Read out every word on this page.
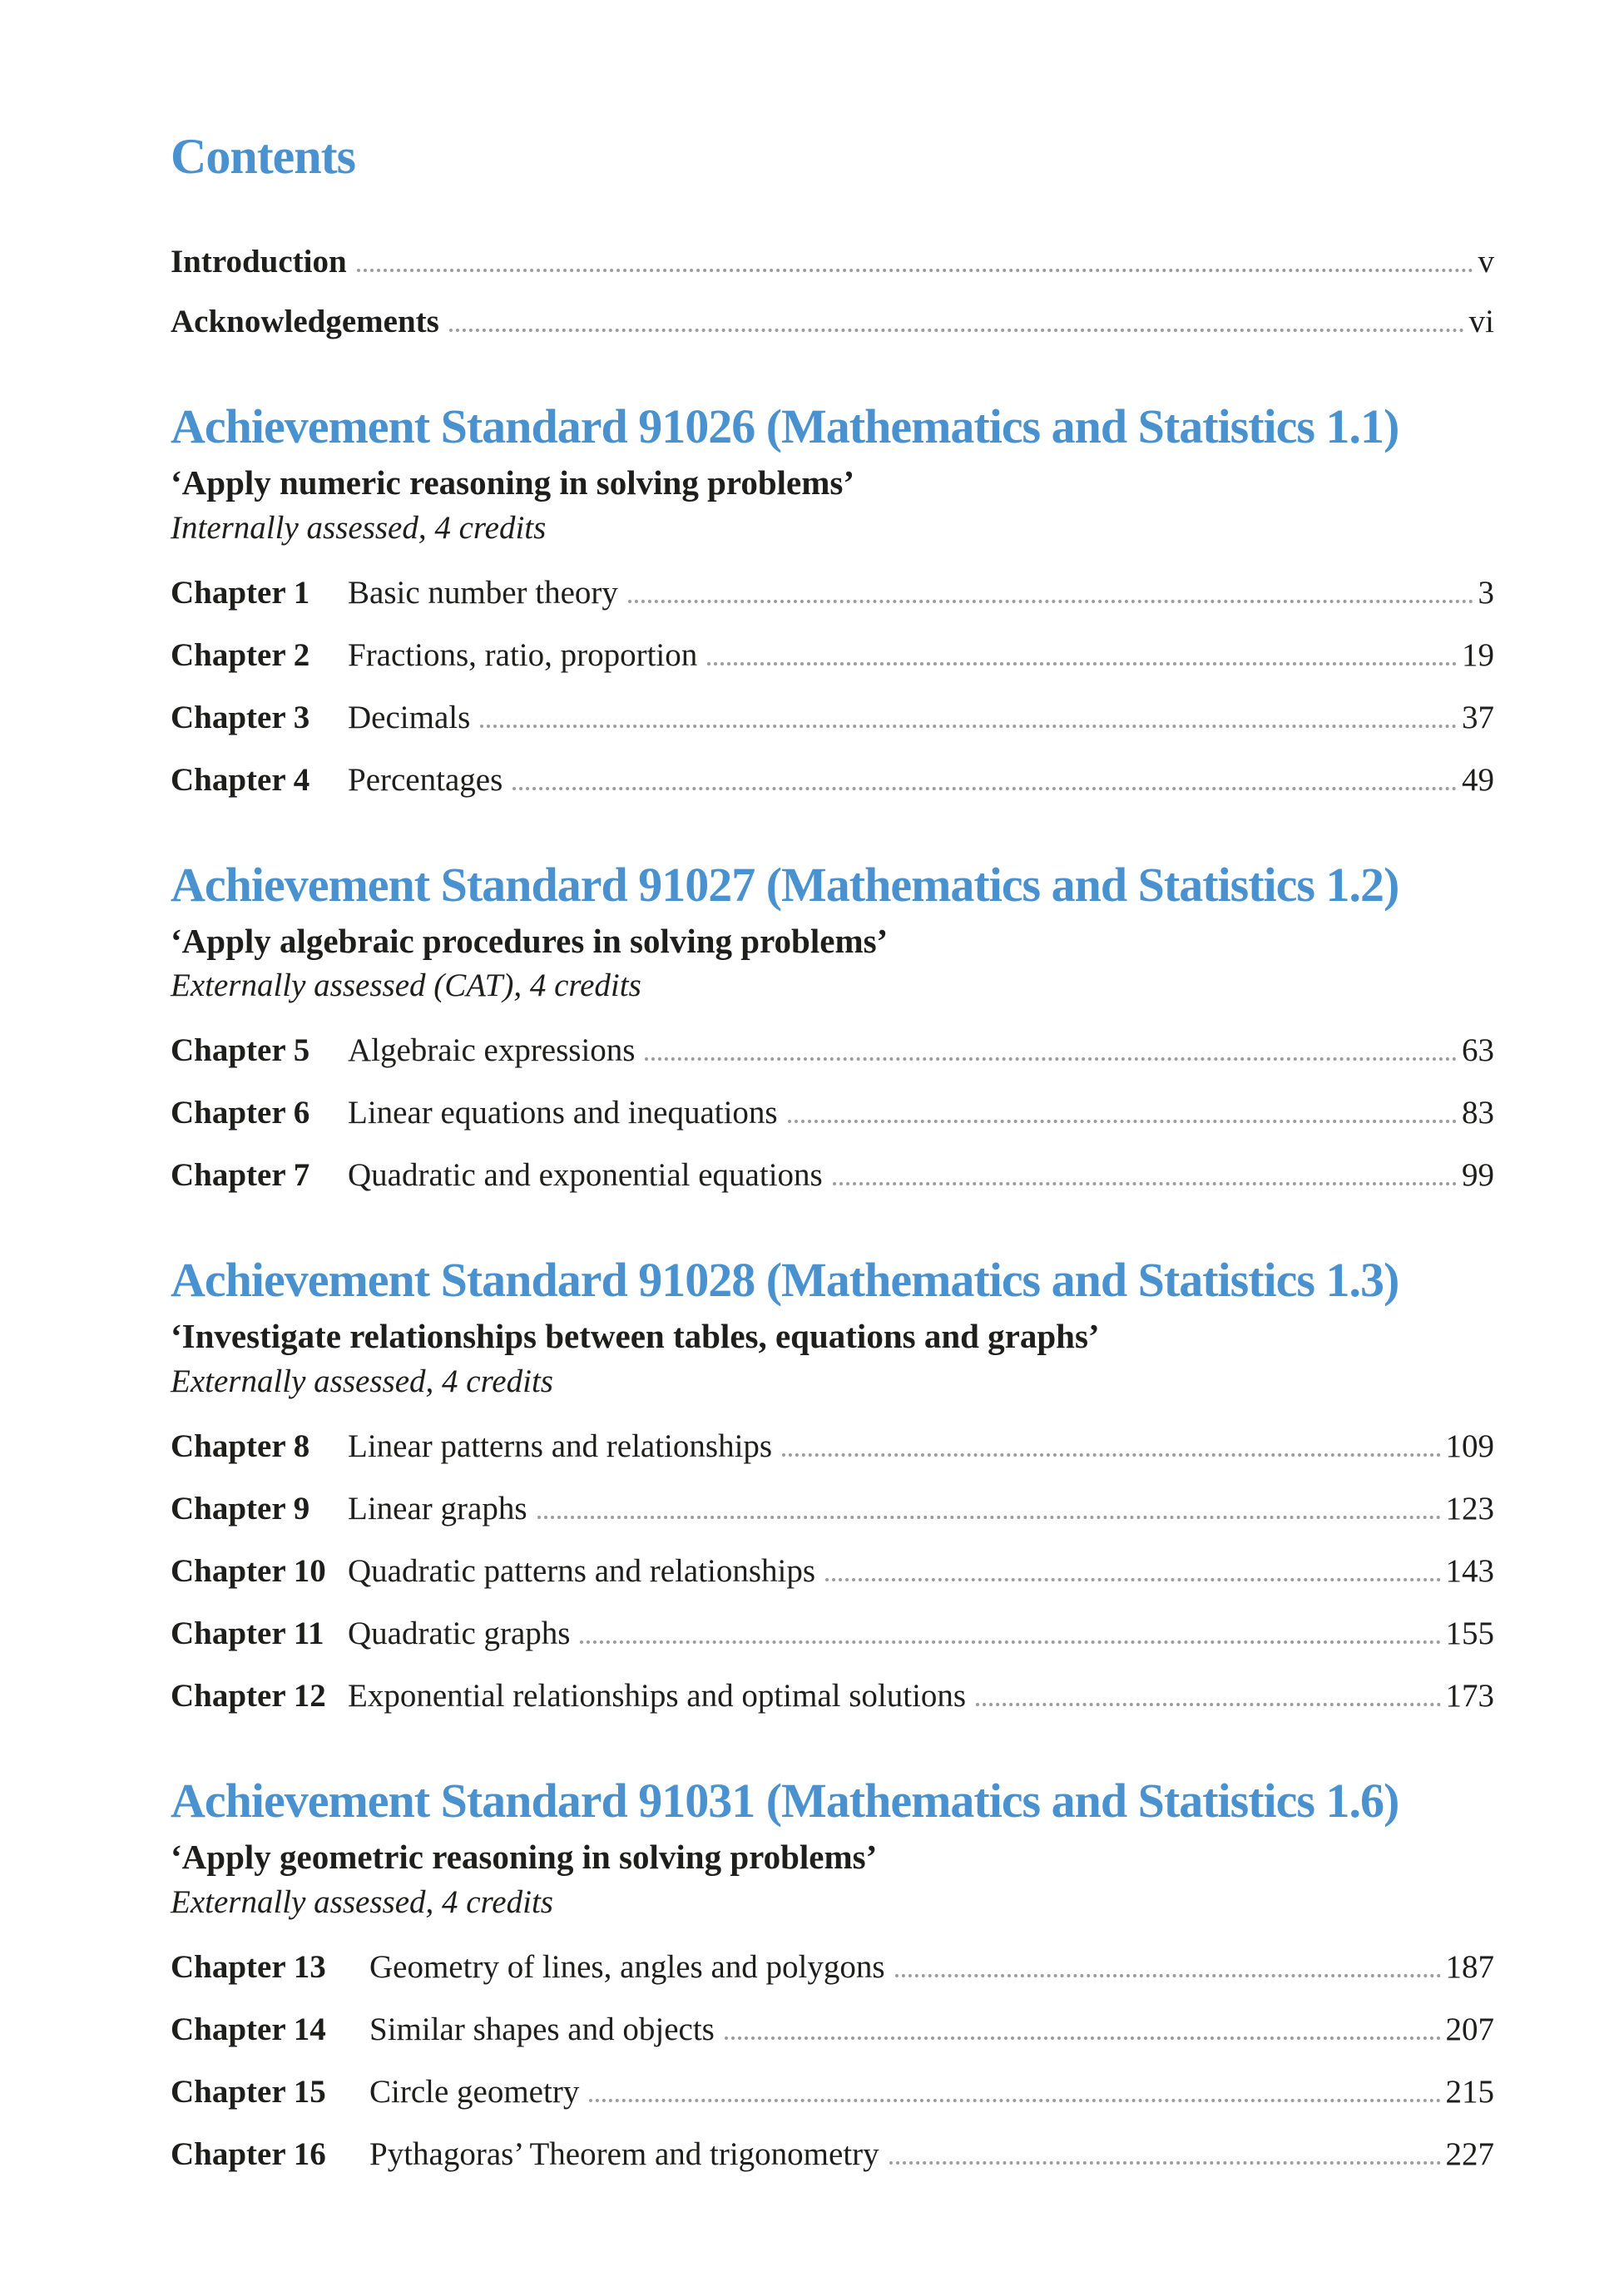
Contents
Introduction	v
Acknowledgements	vi
Achievement Standard 91026 (Mathematics and Statistics 1.1)
‘Apply numeric reasoning in solving problems’
Internally assessed, 4 credits
Chapter 1	Basic number theory	3
Chapter 2	Fractions, ratio, proportion	19
Chapter 3	Decimals	37
Chapter 4	Percentages	49
Achievement Standard 91027 (Mathematics and Statistics 1.2)
‘Apply algebraic procedures in solving problems’
Externally assessed (CAT), 4 credits
Chapter 5	Algebraic expressions	63
Chapter 6	Linear equations and inequations	83
Chapter 7	Quadratic and exponential equations	99
Achievement Standard 91028 (Mathematics and Statistics 1.3)
‘Investigate relationships between tables, equations and graphs’
Externally assessed, 4 credits
Chapter 8	Linear patterns and relationships	109
Chapter 9	Linear graphs	123
Chapter 10 Quadratic patterns and relationships	143
Chapter 11 Quadratic graphs	155
Chapter 12 Exponential relationships and optimal solutions	173
Achievement Standard 91031 (Mathematics and Statistics 1.6)
‘Apply geometric reasoning in solving problems’
Externally assessed, 4 credits
Chapter 13	Geometry of lines, angles and polygons	187
Chapter 14	Similar shapes and objects	207
Chapter 15	Circle geometry	215
Chapter 16	Pythagoras’ Theorem and trigonometry	227
